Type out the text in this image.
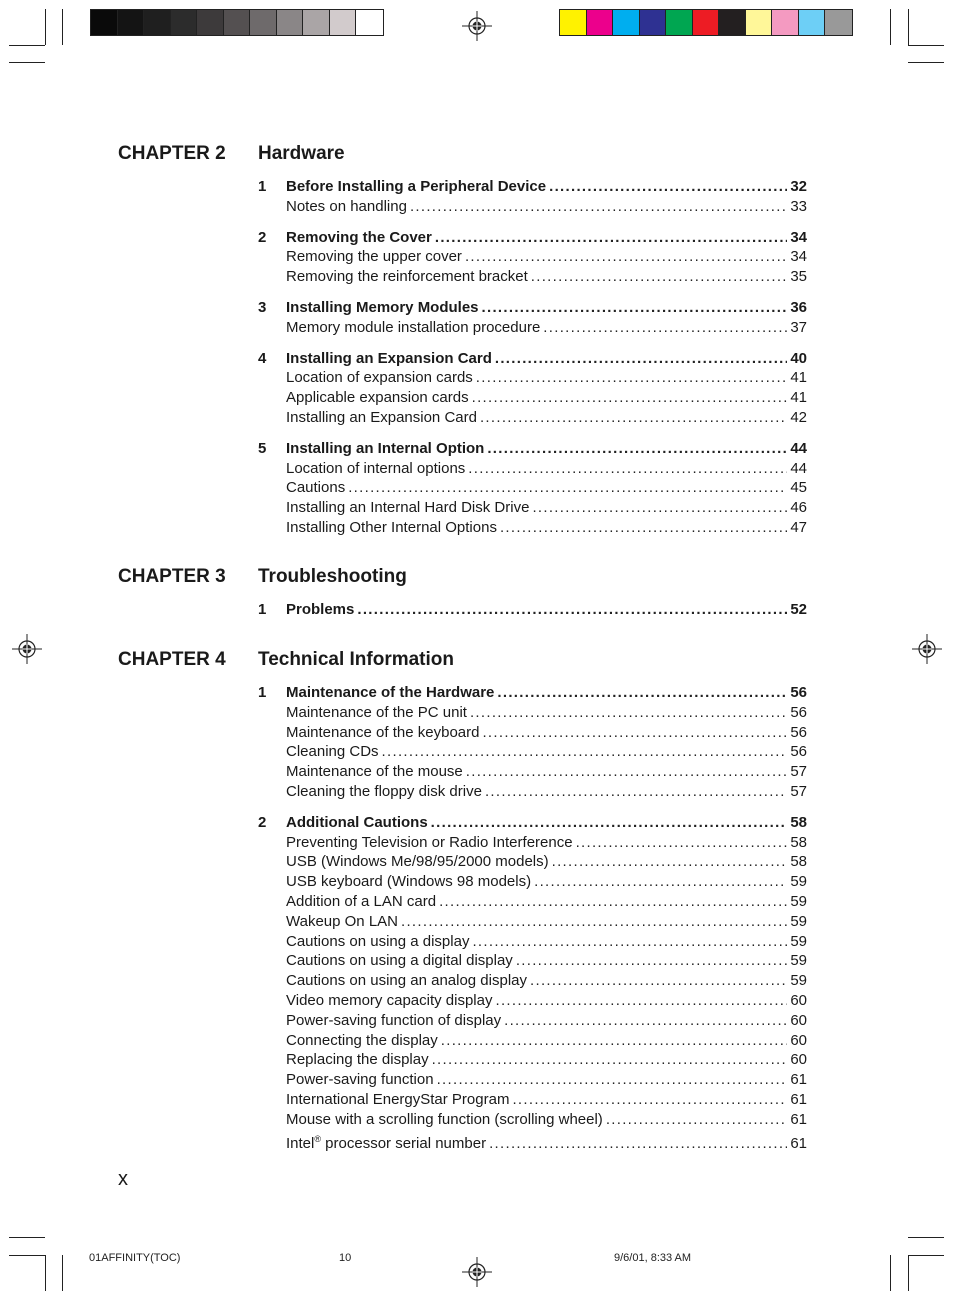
CHAPTER 2 Hardware
1	Before Installing a Peripheral Device .....	32
Notes on handling .....	33
2	Removing the Cover .....	34
Removing the upper cover .....	34
Removing the reinforcement bracket .....	35
3	Installing Memory Modules .....	36
Memory module installation procedure .....	37
4	Installing an Expansion Card .....	40
Location of expansion cards .....	41
Applicable expansion cards .....	41
Installing an Expansion Card .....	42
5	Installing an Internal Option .....	44
Location of internal options .....	44
Cautions .....	45
Installing an Internal Hard Disk Drive .....	46
Installing Other Internal Options .....	47
CHAPTER 3 Troubleshooting
1	Problems .....	52
CHAPTER 4 Technical Information
1	Maintenance of the Hardware .....	56
Maintenance of the PC unit .....	56
Maintenance of the keyboard .....	56
Cleaning CDs .....	56
Maintenance of the mouse .....	57
Cleaning the floppy disk drive .....	57
2	Additional Cautions .....	58
Preventing Television or Radio Interference .....	58
USB (Windows Me/98/95/2000 models) .....	58
USB keyboard (Windows 98 models) .....	59
Addition of a LAN card .....	59
Wakeup On LAN .....	59
Cautions on using a display .....	59
Cautions on using a digital display .....	59
Cautions on using an analog display .....	59
Video memory capacity display .....	60
Power-saving function of display .....	60
Connecting the display .....	60
Replacing the display .....	60
Power-saving function .....	61
International EnergyStar Program .....	61
Mouse with a scrolling function (scrolling wheel) .....	61
Intel® processor serial number .....	61
x
01AFFINITY(TOC)	10	9/6/01, 8:33 AM
